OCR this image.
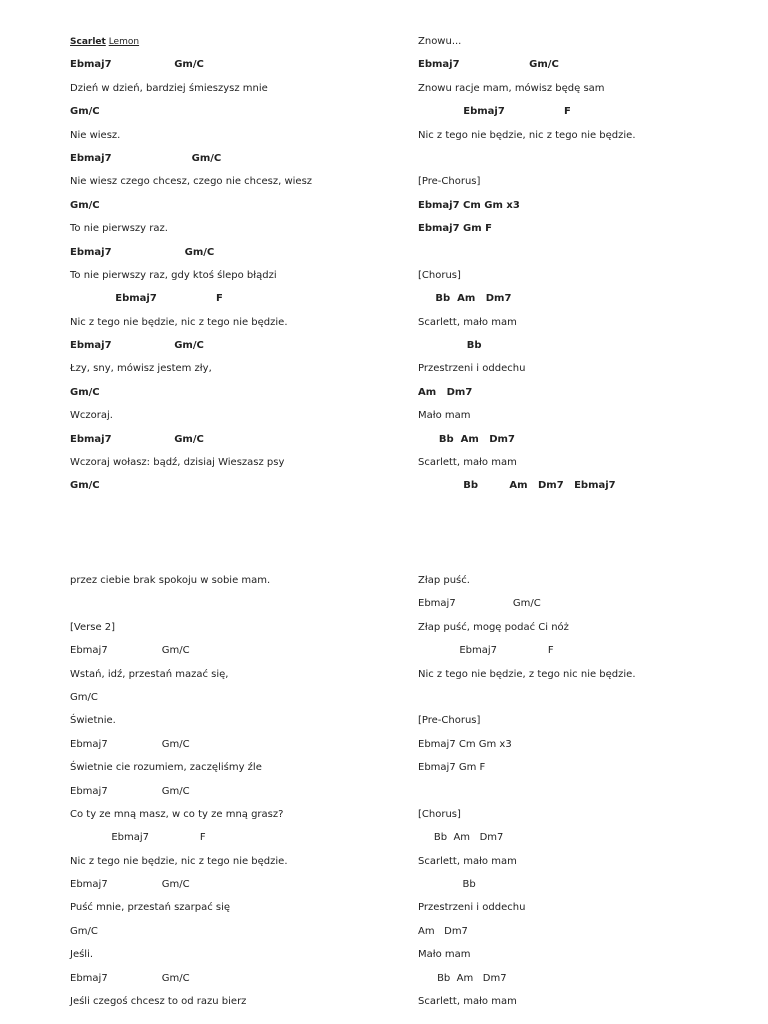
Scarlet Lemon
Ebmaj7                  Gm/C
Dzień w dzień, bardziej śmieszysz mnie
Gm/C
Nie wiesz.
Ebmaj7                       Gm/C
Nie wiesz czego chcesz, czego nie chcesz, wiesz
Gm/C
To nie pierwszy raz.
Ebmaj7                     Gm/C
To nie pierwszy raz, gdy ktoś ślepo błądzi
Ebmaj7                 F
Nic z tego nie będzie, nic z tego nie będzie.
Ebmaj7                  Gm/C
Łzy, sny, mówisz jestem zły,
Gm/C
Wczoraj.
Ebmaj7                  Gm/C
Wczoraj wołasz: bądź, dzisiaj Wieszasz psy
Gm/C
Znowu...
Ebmaj7                    Gm/C
Znowu racje mam, mówisz będę sam
Ebmaj7                 F
Nic z tego nie będzie, nic z tego nie będzie.
[Pre-Chorus]
Ebmaj7 Cm Gm x3
Ebmaj7 Gm F
[Chorus]
Bb  Am   Dm7
Scarlett, mało mam
Bb
Przestrzeni i oddechu
Am   Dm7
Mało mam
Bb  Am   Dm7
Scarlett, mało mam
Bb         Am   Dm7   Ebmaj7
przez ciebie brak spokoju w sobie mam.
[Verse 2]
Ebmaj7                 Gm/C
Wstań, idź, przestań mazać się,
Gm/C
Świetnie.
Ebmaj7                 Gm/C
Świetnie cie rozumiem, zaczęliśmy źle
Ebmaj7                 Gm/C
Co ty ze mną masz, w co ty ze mną grasz?
Ebmaj7                F
Nic z tego nie będzie, nic z tego nie będzie.
Ebmaj7                 Gm/C
Puść mnie, przestań szarpać się
Gm/C
Jeśli.
Ebmaj7                 Gm/C
Jeśli czegoś chcesz to od razu bierz
Złap puść.
Ebmaj7                  Gm/C
Złap puść, mogę podać Ci nóż
Ebmaj7                F
Nic z tego nie będzie, z tego nic nie będzie.
[Pre-Chorus]
Ebmaj7 Cm Gm x3
Ebmaj7 Gm F
[Chorus]
Bb  Am   Dm7
Scarlett, mało mam
Bb
Przestrzeni i oddechu
Am   Dm7
Mało mam
Bb  Am   Dm7
Scarlett, mało mam
